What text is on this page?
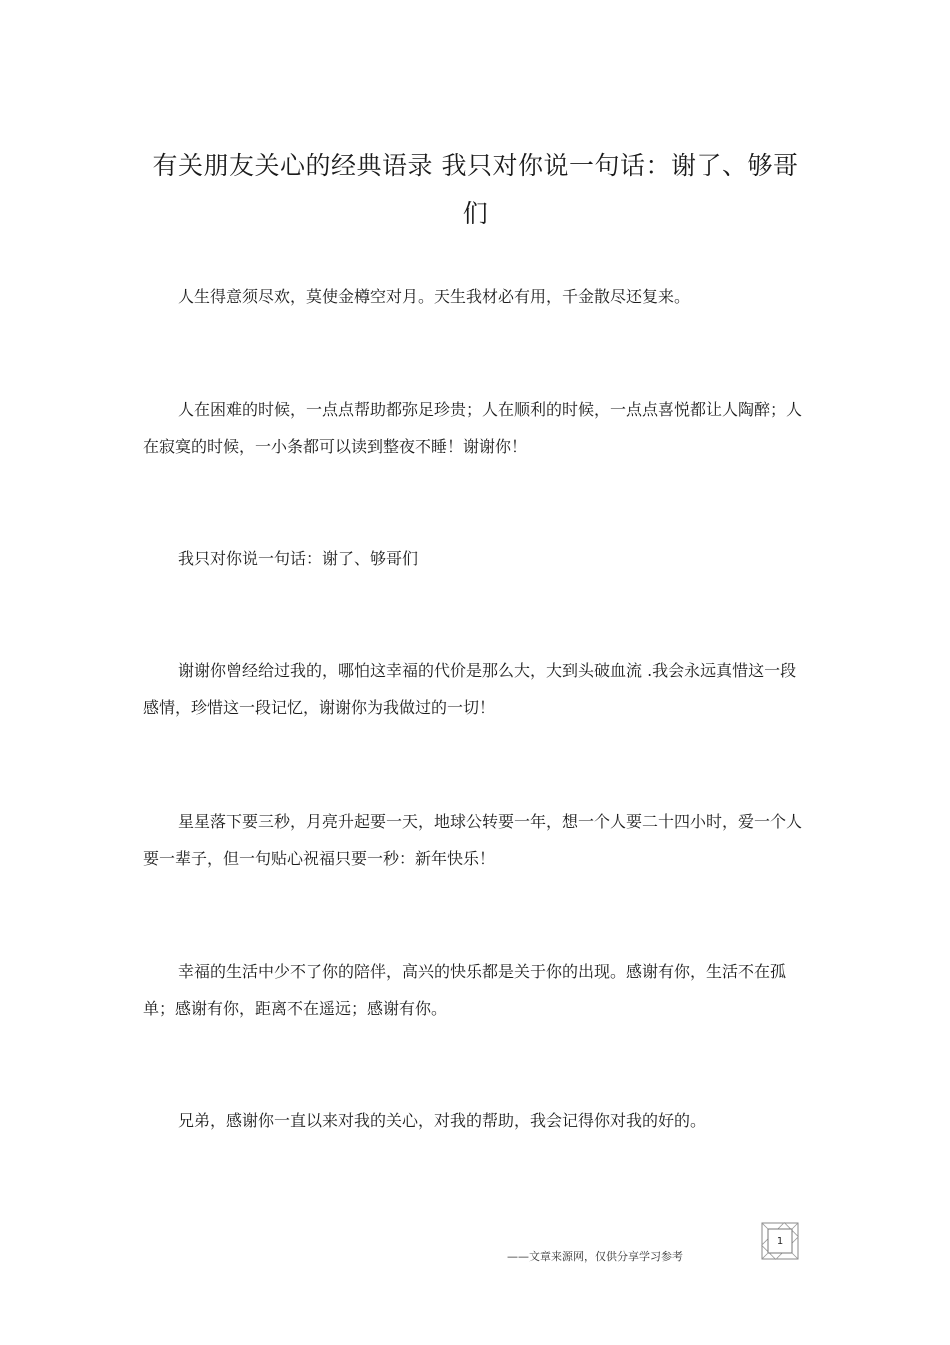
有关朋友关心的经典语录 我只对你说一句话：谢了、够哥们

人生得意须尽欢，莫使金樽空对月。天生我材必有用，千金散尽还复来。

人在困难的时候，一点点帮助都弥足珍贵；人在顺利的时候，一点点喜悦都让人陶醉；人在寂寞的时候，一小条都可以读到整夜不睡！谢谢你！

我只对你说一句话：谢了、够哥们

谢谢你曾经给过我的，哪怕这幸福的代价是那么大，大到头破血流 .我会永远真惜这一段感情，珍惜这一段记忆，谢谢你为我做过的一切！

星星落下要三秒，月亮升起要一天，地球公转要一年，想一个人要二十四小时，爱一个人要一辈子，但一句贴心祝福只要一秒：新年快乐！

幸福的生活中少不了你的陪伴，高兴的快乐都是关于你的出现。感谢有你，生活不在孤单；感谢有你，距离不在遥远；感谢有你。

兄弟，感谢你一直以来对我的关心，对我的帮助，我会记得你对我的好的。

——文章来源网，仅供分享学习参考

1
